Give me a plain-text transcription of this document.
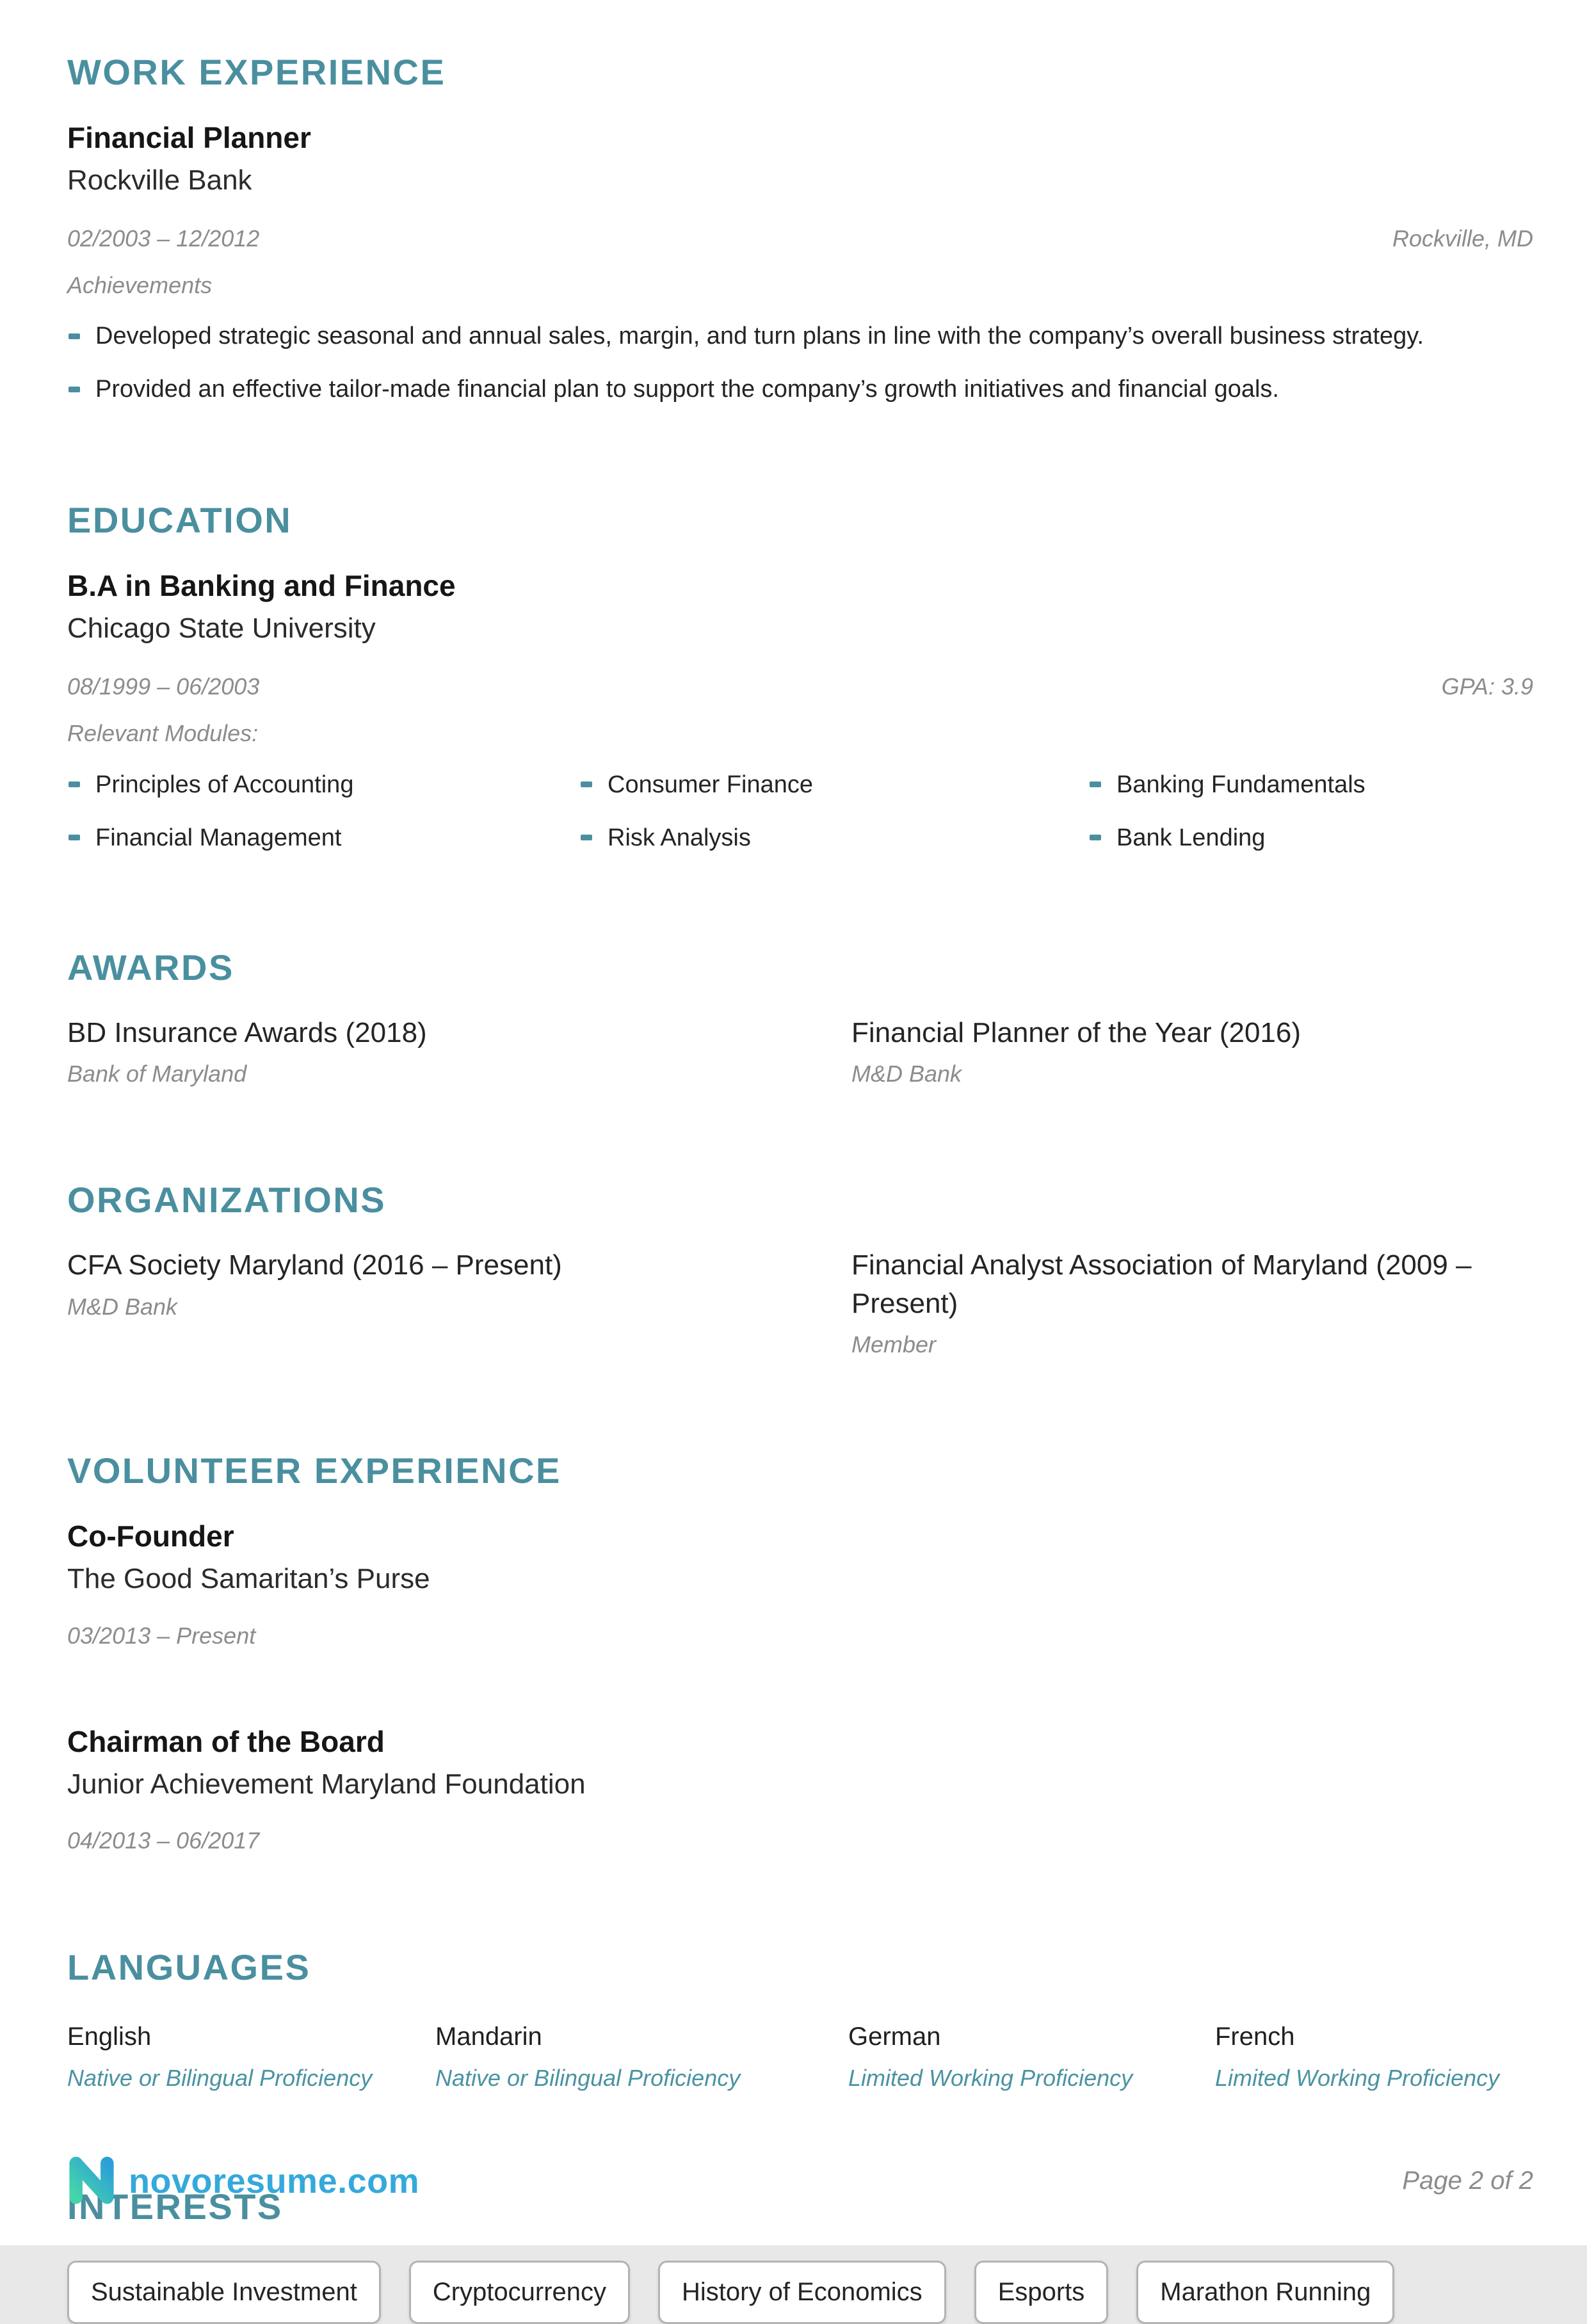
WORK EXPERIENCE
Financial Planner
Rockville Bank
02/2003 – 12/2012	Rockville, MD
Achievements
Developed strategic seasonal and annual sales, margin, and turn plans in line with the company’s overall business strategy.
Provided an effective tailor-made financial plan to support the company’s growth initiatives and financial goals.
EDUCATION
B.A in Banking and Finance
Chicago State University
08/1999 – 06/2003	GPA: 3.9
Relevant Modules:
Principles of Accounting	Consumer Finance	Banking Fundamentals
Financial Management	Risk Analysis	Bank Lending
AWARDS
BD Insurance Awards (2018)
Bank of Maryland
Financial Planner of the Year (2016)
M&D Bank
ORGANIZATIONS
CFA Society Maryland (2016 – Present)
M&D Bank
Financial Analyst Association of Maryland (2009 – Present)
Member
VOLUNTEER EXPERIENCE
Co-Founder
The Good Samaritan’s Purse
03/2013 – Present
Chairman of the Board
Junior Achievement Maryland Foundation
04/2013 – 06/2017
LANGUAGES
English
Native or Bilingual Proficiency
Mandarin
Native or Bilingual Proficiency
German
Limited Working Proficiency
French
Limited Working Proficiency
INTERESTS
Sustainable Investment	Cryptocurrency	History of Economics	Esports	Marathon Running
novoresume.com	Page 2 of 2
